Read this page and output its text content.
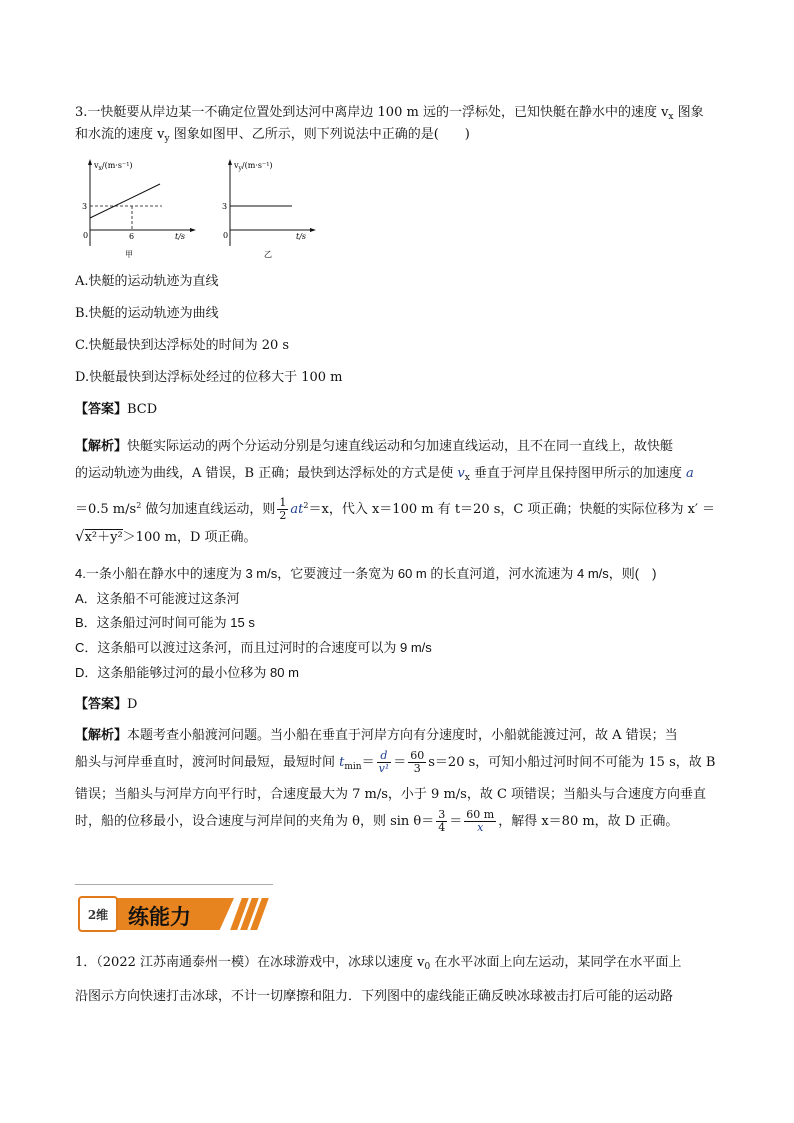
3.一快艇要从岸边某一不确定位置处到达河中离岸边 100 m 远的一浮标处，已知快艇在静水中的速度 $v_x$ 图象
和水流的速度 $v_y$ 图象如图甲、乙所示，则下列说法中正确的是(　　)
$v_x/(m\cdot s^{-1})$
3
0	6	t/s
甲
$v_y/(m\cdot s^{-1})$
3
0	t/s
乙
A.快艇的运动轨迹为直线
B.快艇的运动轨迹为曲线
C.快艇最快到达浮标处的时间为 20 s
D.快艇最快到达浮标处经过的位移大于 100 m
【答案】BCD
【解析】快艇实际运动的两个分运动分别是匀速直线运动和匀加速直线运动，且不在同一直线上，故快艇
的运动轨迹为曲线，A 错误，B 正确；最快到达浮标处的方式是使 $v_x$ 垂直于河岸且保持图甲所示的加速度 a
＝0.5 $m/s^2$ 做匀加速直线运动，则 $\frac{1}{2} at^2=x$，代入 x＝100 m 有 t＝20 s，C 项正确；快艇的实际位移为 x′ ＝
√x²＋y²＞100 m，D 项正确。
4.一条小船在静水中的速度为 3 m/s，它要渡过一条宽为 60 m 的长直河道，河水流速为 4 m/s，则(　)
A．这条船不可能渡过这条河
B．这条船过河时间可能为 15 s
C．这条船可以渡过这条河，而且过河时的合速度可以为 9 m/s
D．这条船能够过河的最小位移为 80 m
【答案】D
【解析】本题考查小船渡河问题。当小船在垂直于河岸方向有分速度时，小船就能渡过河，故 A 错误；当
船头与河岸垂直时，渡河时间最短，最短时间 $t_{min}= \frac{d}{\text{v¹}} = \frac{60}{3} s=20$ s，可知小船过河时间不可能为 15 s，故 B
错误；当船头与河岸方向平行时，合速度最大为 7 m/s，小于 9 m/s，故 C 项错误；当船头与合速度方向垂直
时，船的位移最小，设合速度与河岸间的夹角为 θ，则 $\sin \theta= \frac{3}{4} = \frac{60 m}{x}$ ，解得 x＝80 m，故 D 正确。
2维 练能力
1．（2022 江苏南通泰州一模）在冰球游戏中，冰球以速度 $v_0$ 在水平冰面上向左运动，某同学在水平面上
沿图示方向快速打击冰球，不计一切摩擦和阻力．下列图中的虚线能正确反映冰球被击打后可能的运动路
